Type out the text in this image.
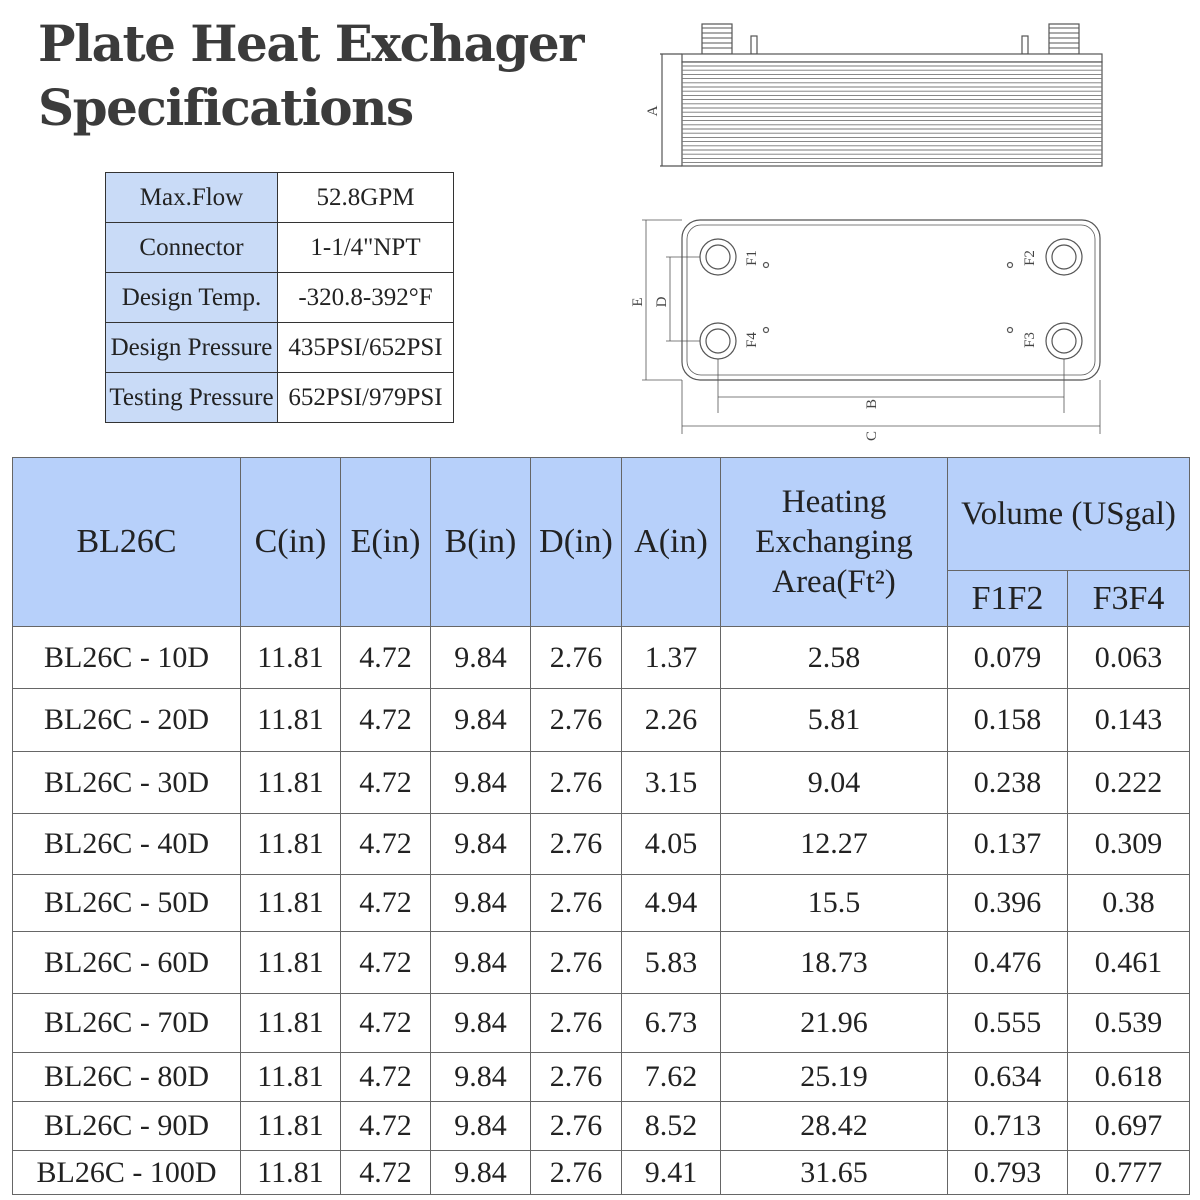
Plate Heat Exchager
Specifications
Max.Flow	52.8GPM
Connector	1-1/4"NPT
Design Temp.	-320.8-392°F
Design Pressure	435PSI/652PSI
Testing Pressure	652PSI/979PSI
A
F1	F2
F3
F4
E D
B
C
BL26C	C(in)	E(in)	B(in)	D(in)	A(in)	Heating Exchanging Area(Ft²)	Volume (USgal)	
							F1F2	F3F4
BL26C - 10D	11.81	4.72	9.84	2.76	1.37	2.58	0.079	0.063
BL26C - 20D	11.81	4.72	9.84	2.76	2.26	5.81	0.158	0.143
BL26C - 30D	11.81	4.72	9.84	2.76	3.15	9.04	0.238	0.222
BL26C - 40D	11.81	4.72	9.84	2.76	4.05	12.27	0.137	0.309
BL26C - 50D	11.81	4.72	9.84	2.76	4.94	15.5	0.396	0.38
BL26C - 60D	11.81	4.72	9.84	2.76	5.83	18.73	0.476	0.461
BL26C - 70D	11.81	4.72	9.84	2.76	6.73	21.96	0.555	0.539
BL26C - 80D	11.81	4.72	9.84	2.76	7.62	25.19	0.634	0.618
BL26C - 90D	11.81	4.72	9.84	2.76	8.52	28.42	0.713	0.697
BL26C - 100D	11.81	4.72	9.84	2.76	9.41	31.65	0.793	0.777
